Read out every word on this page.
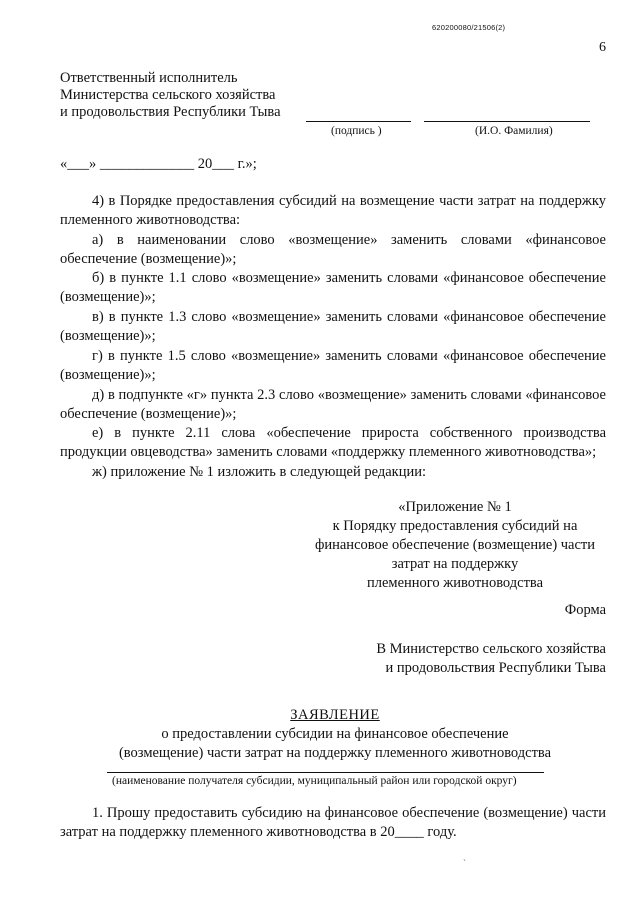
620200080/21506(2)
6
Ответственный исполнитель
Министерства сельского хозяйства
и продовольствия Республики Тыва
(подпись )	(И.О. Фамилия)
«___» _____________ 20___ г.»;
4) в Порядке предоставления субсидий на возмещение части затрат на поддержку племенного животноводства:
а) в наименовании слово «возмещение» заменить словами «финансовое обеспечение (возмещение)»;
б) в пункте 1.1 слово «возмещение» заменить словами «финансовое обеспечение (возмещение)»;
в) в пункте 1.3 слово «возмещение» заменить словами «финансовое обеспечение (возмещение)»;
г) в пункте 1.5 слово «возмещение» заменить словами «финансовое обеспечение (возмещение)»;
д) в подпункте «г» пункта 2.3 слово «возмещение» заменить словами «финансовое обеспечение (возмещение)»;
е) в пункте 2.11 слова «обеспечение прироста собственного производства продукции овцеводства» заменить словами «поддержку племенного животноводства»;
ж) приложение № 1 изложить в следующей редакции:
«Приложение № 1
к Порядку предоставления субсидий на
финансовое обеспечение (возмещение) части
затрат на поддержку
племенного животноводства
Форма
В Министерство сельского хозяйства
и продовольствия Республики Тыва
ЗАЯВЛЕНИЕ
о предоставлении субсидии на финансовое обеспечение
(возмещение) части затрат на поддержку племенного животноводства
(наименование получателя субсидии, муниципальный район или городской округ)
1. Прошу предоставить субсидию на финансовое обеспечение (возмещение) части затрат на поддержку племенного животноводства в 20____ году.
ˏ
